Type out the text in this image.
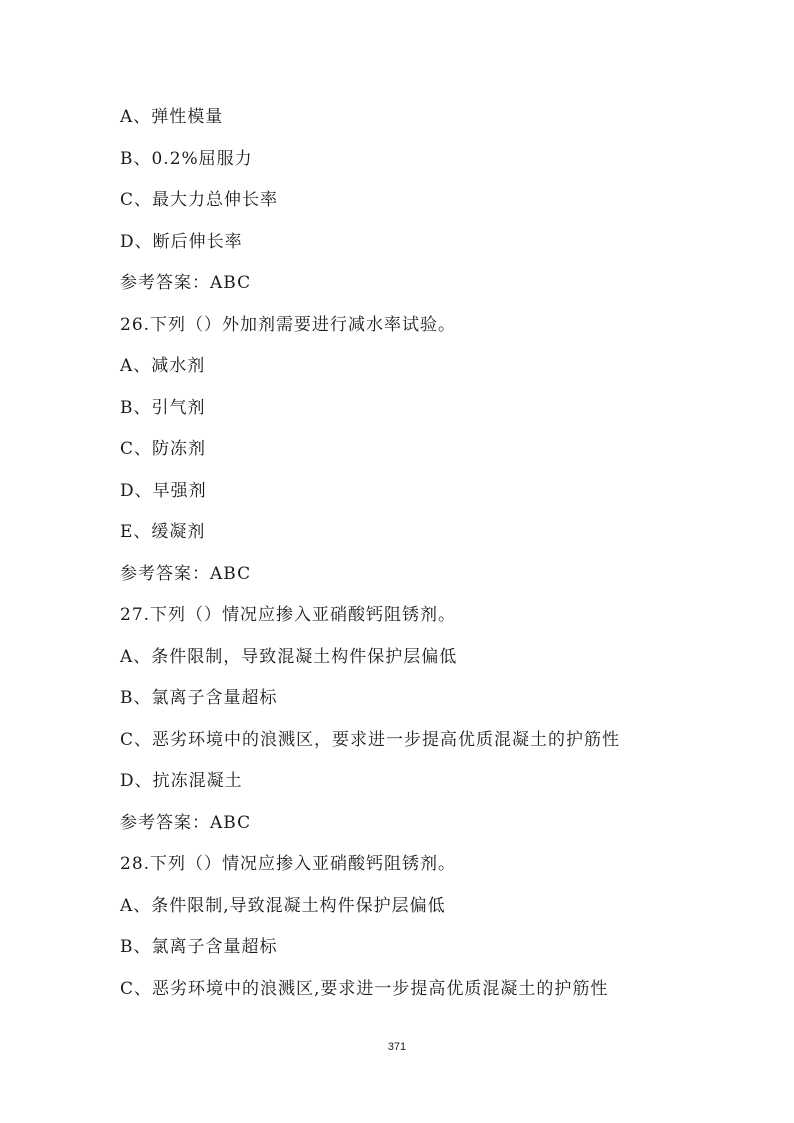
A、弹性模量
B、0.2%屈服力
C、最大力总伸长率
D、断后伸长率
参考答案：ABC
26.下列（）外加剂需要进行减水率试验。
A、减水剂
B、引气剂
C、防冻剂
D、早强剂
E、缓凝剂
参考答案：ABC
27.下列（）情况应掺入亚硝酸钙阻锈剂。
A、条件限制，导致混凝土构件保护层偏低
B、氯离子含量超标
C、恶劣环境中的浪溅区，要求进一步提高优质混凝土的护筋性
D、抗冻混凝土
参考答案：ABC
28.下列（）情况应掺入亚硝酸钙阻锈剂。
A、条件限制,导致混凝土构件保护层偏低
B、氯离子含量超标
C、恶劣环境中的浪溅区,要求进一步提高优质混凝土的护筋性
371
